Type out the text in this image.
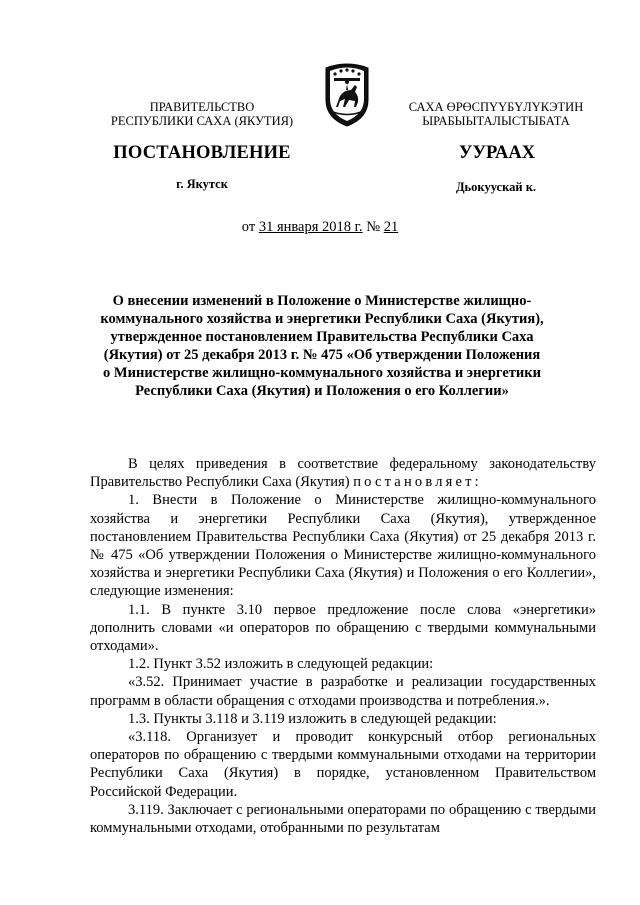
ПРАВИТЕЛЬСТВО
РЕСПУБЛИКИ САХА (ЯКУТИЯ)
САХА ӨРӨСПҮҮБҮЛҮКЭТИН
ЫРАБЫЫТАЛЫСТЫБАТА
ПОСТАНОВЛЕНИЕ	УУРААХ
г. Якутск	Дьокуускай к.
от 31 января 2018 г. № 21
О внесении изменений в Положение о Министерстве жилищно-
коммунального хозяйства и энергетики Республики Саха (Якутия),
утвержденное постановлением Правительства Республики Саха
(Якутия) от 25 декабря 2013 г. № 475 «Об утверждении Положения
о Министерстве жилищно-коммунального хозяйства и энергетики
Республики Саха (Якутия) и Положения о его Коллегии»

В целях приведения в соответствие федеральному законодательству Правительство Республики Саха (Якутия) постановляет:

1. Внести в Положение о Министерстве жилищно-коммунального хозяйства и энергетики Республики Саха (Якутия), утвержденное постановлением Правительства Республики Саха (Якутия) от 25 декабря 2013 г. № 475 «Об утверждении Положения о Министерстве жилищно-коммунального хозяйства и энергетики Республики Саха (Якутия) и Положения о его Коллегии», следующие изменения:

1.1. В пункте 3.10 первое предложение после слова «энергетики» дополнить словами «и операторов по обращению с твердыми коммунальными отходами».

1.2. Пункт 3.52 изложить в следующей редакции:

«3.52. Принимает участие в разработке и реализации государственных программ в области обращения с отходами производства и потребления.».

1.3. Пункты 3.118 и 3.119 изложить в следующей редакции:

«3.118. Организует и проводит конкурсный отбор региональных операторов по обращению с твердыми коммунальными отходами на территории Республики Саха (Якутия) в порядке, установленном Правительством Российской Федерации.

3.119. Заключает с региональными операторами по обращению с твердыми коммунальными отходами, отобранными по результатам
